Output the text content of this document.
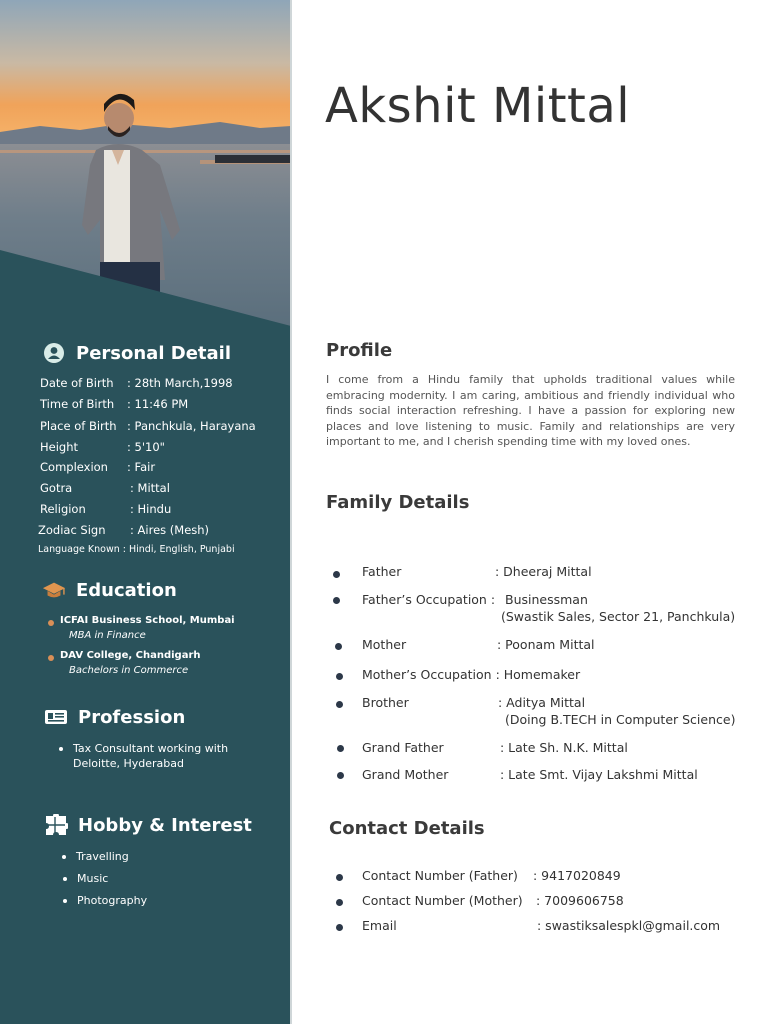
Personal Detail
Date of Birth : 28th March,1998
Time of Birth : 11:46 PM
Place of Birth : Panchkula, Harayana
Height	: 5'10"
Complexion : Fair
Gotra	: Mittal
Religion	: Hindu
Zodiac Sign : Aires (Mesh)
Language Known : Hindi, English, Punjabi
Education
ICFAI Business School, Mumbai
MBA in Finance
DAV College, Chandigarh
Bachelors in Commerce
Profession
Tax Consultant working with
Deloitte, Hyderabad
Hobby & Interest
Travelling
Music
Photography
Akshit Mittal
Profile
I come from a Hindu family that upholds traditional values while embracing modernity. I am caring, ambitious and friendly individual who finds social interaction refreshing. I have a passion for exploring new places and love listening to music. Family and relationships are very important to me, and I cherish spending time with my loved ones.
Family Details
Father	: Dheeraj Mittal
Father’s Occupation : Businessman
(Swastik Sales, Sector 21, Panchkula)
Mother	: Poonam Mittal
Mother’s Occupation : Homemaker
Brother	: Aditya Mittal
(Doing B.TECH in Computer Science)
Grand Father	: Late Sh. N.K. Mittal
Grand Mother	: Late Smt. Vijay Lakshmi Mittal
Contact Details
Contact Number (Father) : 9417020849
Contact Number (Mother) : 7009606758
Email	: swastiksalespkl@gmail.com
